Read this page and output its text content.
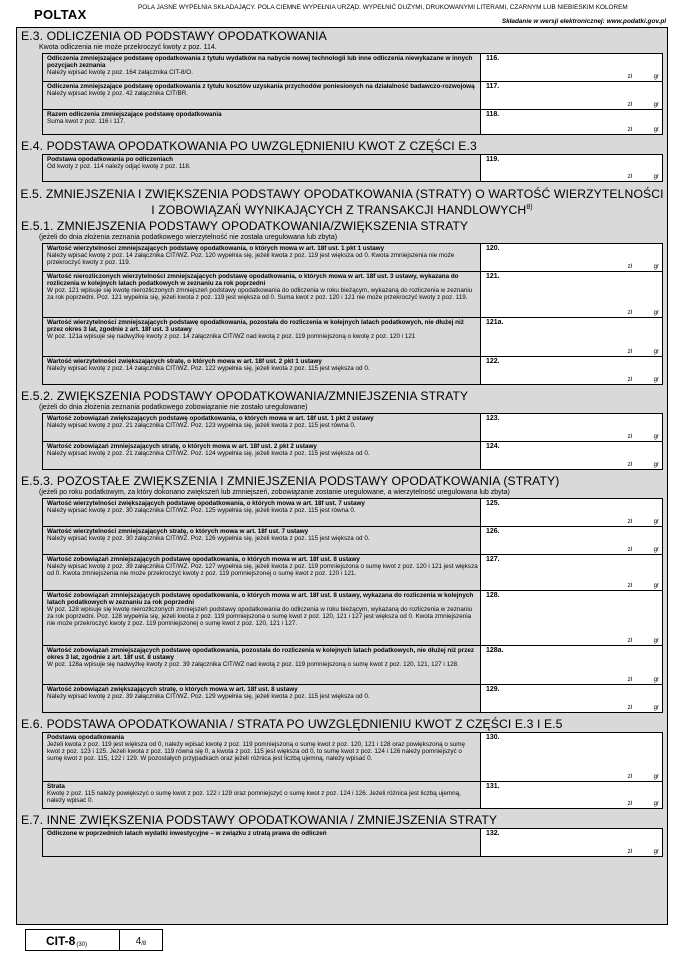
POLTAX	POLA JASNE WYPEŁNIA SKŁADAJĄCY. POLA CIEMNE WYPEŁNIA URZĄD. WYPEŁNIĆ DUŻYMI, DRUKOWANYMI LITERAMI, CZARNYM LUB NIEBIESKIM KOLOREM
Składanie w wersji elektronicznej: www.podatki.gov.pl
E.3. ODLICZENIA OD PODSTAWY OPODATKOWANIA
Kwota odliczenia nie może przekroczyć kwoty z poz. 114.
Odliczenia zmniejszające podstawę opodatkowania z tytułu wydatków na nabycie nowej technologii lub inne odliczenia niewykazane w innych pozycjach zeznania
Należy wpisać kwotę z poz. 164 załącznika CIT-8/O.
116.
zł	gr
Odliczenia zmniejszające podstawę opodatkowania z tytułu kosztów uzyskania przychodów poniesionych na działalność badawczo-rozwojową
Należy wpisać kwotę z poz. 42 załącznika CIT/BR.
117.
zł	gr
Razem odliczenia zmniejszające podstawę opodatkowania
Suma kwot z poz. 116 i 117.
118.
zł	gr
E.4. PODSTAWA OPODATKOWANIA PO UWZGLĘDNIENIU KWOT Z CZĘŚCI E.3
Podstawa opodatkowania po odliczeniach
Od kwoty z poz. 114 należy odjąć kwotę z poz. 118.
119.
zł	gr
E.5. ZMNIEJSZENIA I ZWIĘKSZENIA PODSTAWY OPODATKOWANIA (STRATY) O WARTOŚĆ WIERZYTELNOŚCI I ZOBOWIĄZAŃ WYNIKAJĄCYCH Z TRANSAKCJI HANDLOWYCH$^{8)}$
E.5.1. ZMNIEJSZENIA PODSTAWY OPODATKOWANIA/ZWIĘKSZENIA STRATY
(jeżeli do dnia złożenia zeznania podatkowego wierzytelność nie została uregulowana lub zbyta)
Wartość wierzytelności zmniejszających podstawę opodatkowania, o których mowa w art. 18f ust. 1 pkt 1 ustawy
Należy wpisać kwotę z poz. 14 załącznika CIT/WZ. Poz. 120 wypełnia się, jeżeli kwota z poz. 119 jest większa od 0. Kwota zmniejszenia nie może przekroczyć kwoty z poz. 119.
120.
zł	gr
Wartość nierozliczonych wierzytelności zmniejszających podstawę opodatkowania, o których mowa w art. 18f ust. 3 ustawy, wykazana do rozliczenia w kolejnych latach podatkowych w zeznaniu za rok poprzedni
W poz. 121 wpisuje się kwotę nierozliczonych zmniejszeń podstawy opodatkowania do odliczenia w roku bieżącym, wykazaną do rozliczenia w zeznaniu za rok poprzedni. Poz. 121 wypełnia się, jeżeli kwota z poz. 119 jest większa od 0. Suma kwot z poz. 120 i 121 nie może przekroczyć kwoty z poz. 119.
121.
zł	gr
Wartość wierzytelności zmniejszających podstawę opodatkowania, pozostała do rozliczenia w kolejnych latach podatkowych, nie dłużej niż przez okres 3 lat, zgodnie z art. 18f ust. 3 ustawy
W poz. 121a wpisuje się nadwyżkę kwoty z poz. 14 załącznika CIT/WZ nad kwotą z poz. 119 pomniejszoną o kwotę z poz. 120 i 121
121a.
zł	gr
Wartość wierzytelności zwiększających stratę, o których mowa w art. 18f ust. 2 pkt 1 ustawy
Należy wpisać kwotę z poz. 14 załącznika CIT/WZ. Poz. 122 wypełnia się, jeżeli kwota z poz. 115 jest większa od 0.
122.
zł	gr
E.5.2. ZWIĘKSZENIA PODSTAWY OPODATKOWANIA/ZMNIEJSZENIA STRATY
(jeżeli do dnia złożenia zeznania podatkowego zobowiązanie nie zostało uregulowane)
Wartość zobowiązań zwiększających podstawę opodatkowania, o których mowa w art. 18f ust. 1 pkt 2 ustawy
Należy wpisać kwotę z poz. 21 załącznika CIT/WZ. Poz. 123 wypełnia się, jeżeli kwota z poz. 115 jest równa 0.
123.
zł	gr
Wartość zobowiązań zmniejszających stratę, o których mowa w art. 18f ust. 2 pkt 2 ustawy
Należy wpisać kwotę z poz. 21 załącznika CIT/WZ. Poz. 124 wypełnia się, jeżeli kwota z poz. 115 jest większa od 0.
124.
zł	gr
E.5.3. POZOSTAŁE ZWIĘKSZENIA I ZMNIEJSZENIA PODSTAWY OPODATKOWANIA (STRATY)
(jeżeli po roku podatkowym, za który dokonano zwiększeń lub zmniejszeń, zobowiązanie zostanie uregulowane, a wierzytelność uregulowana lub zbyta)
Wartość wierzytelności zwiększających podstawę opodatkowania, o których mowa w art. 18f ust. 7 ustawy
Należy wpisać kwotę z poz. 30 załącznika CIT/WZ. Poz. 125 wypełnia się, jeżeli kwota z poz. 115 jest równa 0.
125.
zł	gr
Wartość wierzytelności zmniejszających stratę, o których mowa w art. 18f ust. 7 ustawy
Należy wpisać kwotę z poz. 30 załącznika CIT/WZ. Poz. 126 wypełnia się, jeżeli kwota z poz. 115 jest większa od 0.
126.
zł	gr
Wartość zobowiązań zmniejszających podstawę opodatkowania, o których mowa w art. 18f ust. 8 ustawy
Należy wpisać kwotę z poz. 39 załącznika CIT/WZ. Poz. 127 wypełnia się, jeżeli kwota z poz. 119 pomniejszona o sumę kwot z poz. 120 i 121 jest większa od 0. Kwota zmniejszenia nie może przekroczyć kwoty z poz. 119 pomniejszonej o sumę kwot z poz. 120 i 121.
127.
zł	gr
Wartość zobowiązań zmniejszających podstawę opodatkowania, o których mowa w art. 18f ust. 8 ustawy, wykazana do rozliczenia w kolejnych latach podatkowych w zeznaniu za rok poprzedni
W poz. 128 wpisuje się kwotę nierozliczonych zmniejszeń podstawy opodatkowania do odliczenia w roku bieżącym, wykazaną do rozliczenia w zeznaniu za rok poprzedni. Poz. 128 wypełnia się, jeżeli kwota z poz. 119 pomniejszona o sumę kwot z poz. 120, 121 i 127 jest większa od 0. Kwota zmniejszenia nie może przekroczyć kwoty z poz. 119 pomniejszonej o sumę kwot z poz. 120, 121 i 127.
128.
zł	gr
Wartość zobowiązań zmniejszających podstawę opodatkowania, pozostała do rozliczenia w kolejnych latach podatkowych, nie dłużej niż przez okres 3 lat, zgodnie z art. 18f ust. 8 ustawy
W poz. 128a wpisuje się nadwyżkę kwoty z poz. 39 załącznika CIT/WZ nad kwotą z poz. 119 pomniejszoną o sumę kwot z poz. 120, 121, 127 i 128.
128a.
zł	gr
Wartość zobowiązań zwiększających stratę, o których mowa w art. 18f ust. 8 ustawy
Należy wpisać kwotę z poz. 39 załącznika CIT/WZ. Poz. 129 wypełnia się, jeżeli kwota z poz. 115 jest większa od 0.
129.
zł	gr
E.6. PODSTAWA OPODATKOWANIA / STRATA PO UWZGLĘDNIENIU KWOT Z CZĘŚCI E.3 I E.5
Podstawa opodatkowania
Jeżeli kwota z poz. 119 jest większa od 0, należy wpisać kwotę z poz. 119 pomniejszoną o sumę kwot z poz. 120, 121 i 128 oraz powiększoną o sumę kwot z poz. 123 i 125. Jeżeli kwota z poz. 119 równa się 0, a kwota z poz. 115 jest większa od 0, to sumę kwot z poz. 124 i 126 należy pomniejszyć o sumę kwot z poz. 115, 122 i 129. W pozostałych przypadkach oraz jeżeli różnica jest liczbą ujemną, należy wpisać 0.
130.
zł	gr
Strata
Kwotę z poz. 115 należy powiększyć o sumę kwot z poz. 122 i 129 oraz pomniejszyć o sumę kwot z poz. 124 i 126. Jeżeli różnica jest liczbą ujemną, należy wpisać 0.
131.
zł	gr
E.7. INNE ZWIĘKSZENIA PODSTAWY OPODATKOWANIA / ZMNIEJSZENIA STRATY
Odliczone w poprzednich latach wydatki inwestycyjne – w związku z utratą prawa do odliczeń	132.
zł	gr
CIT-8 (30)	4 /8
